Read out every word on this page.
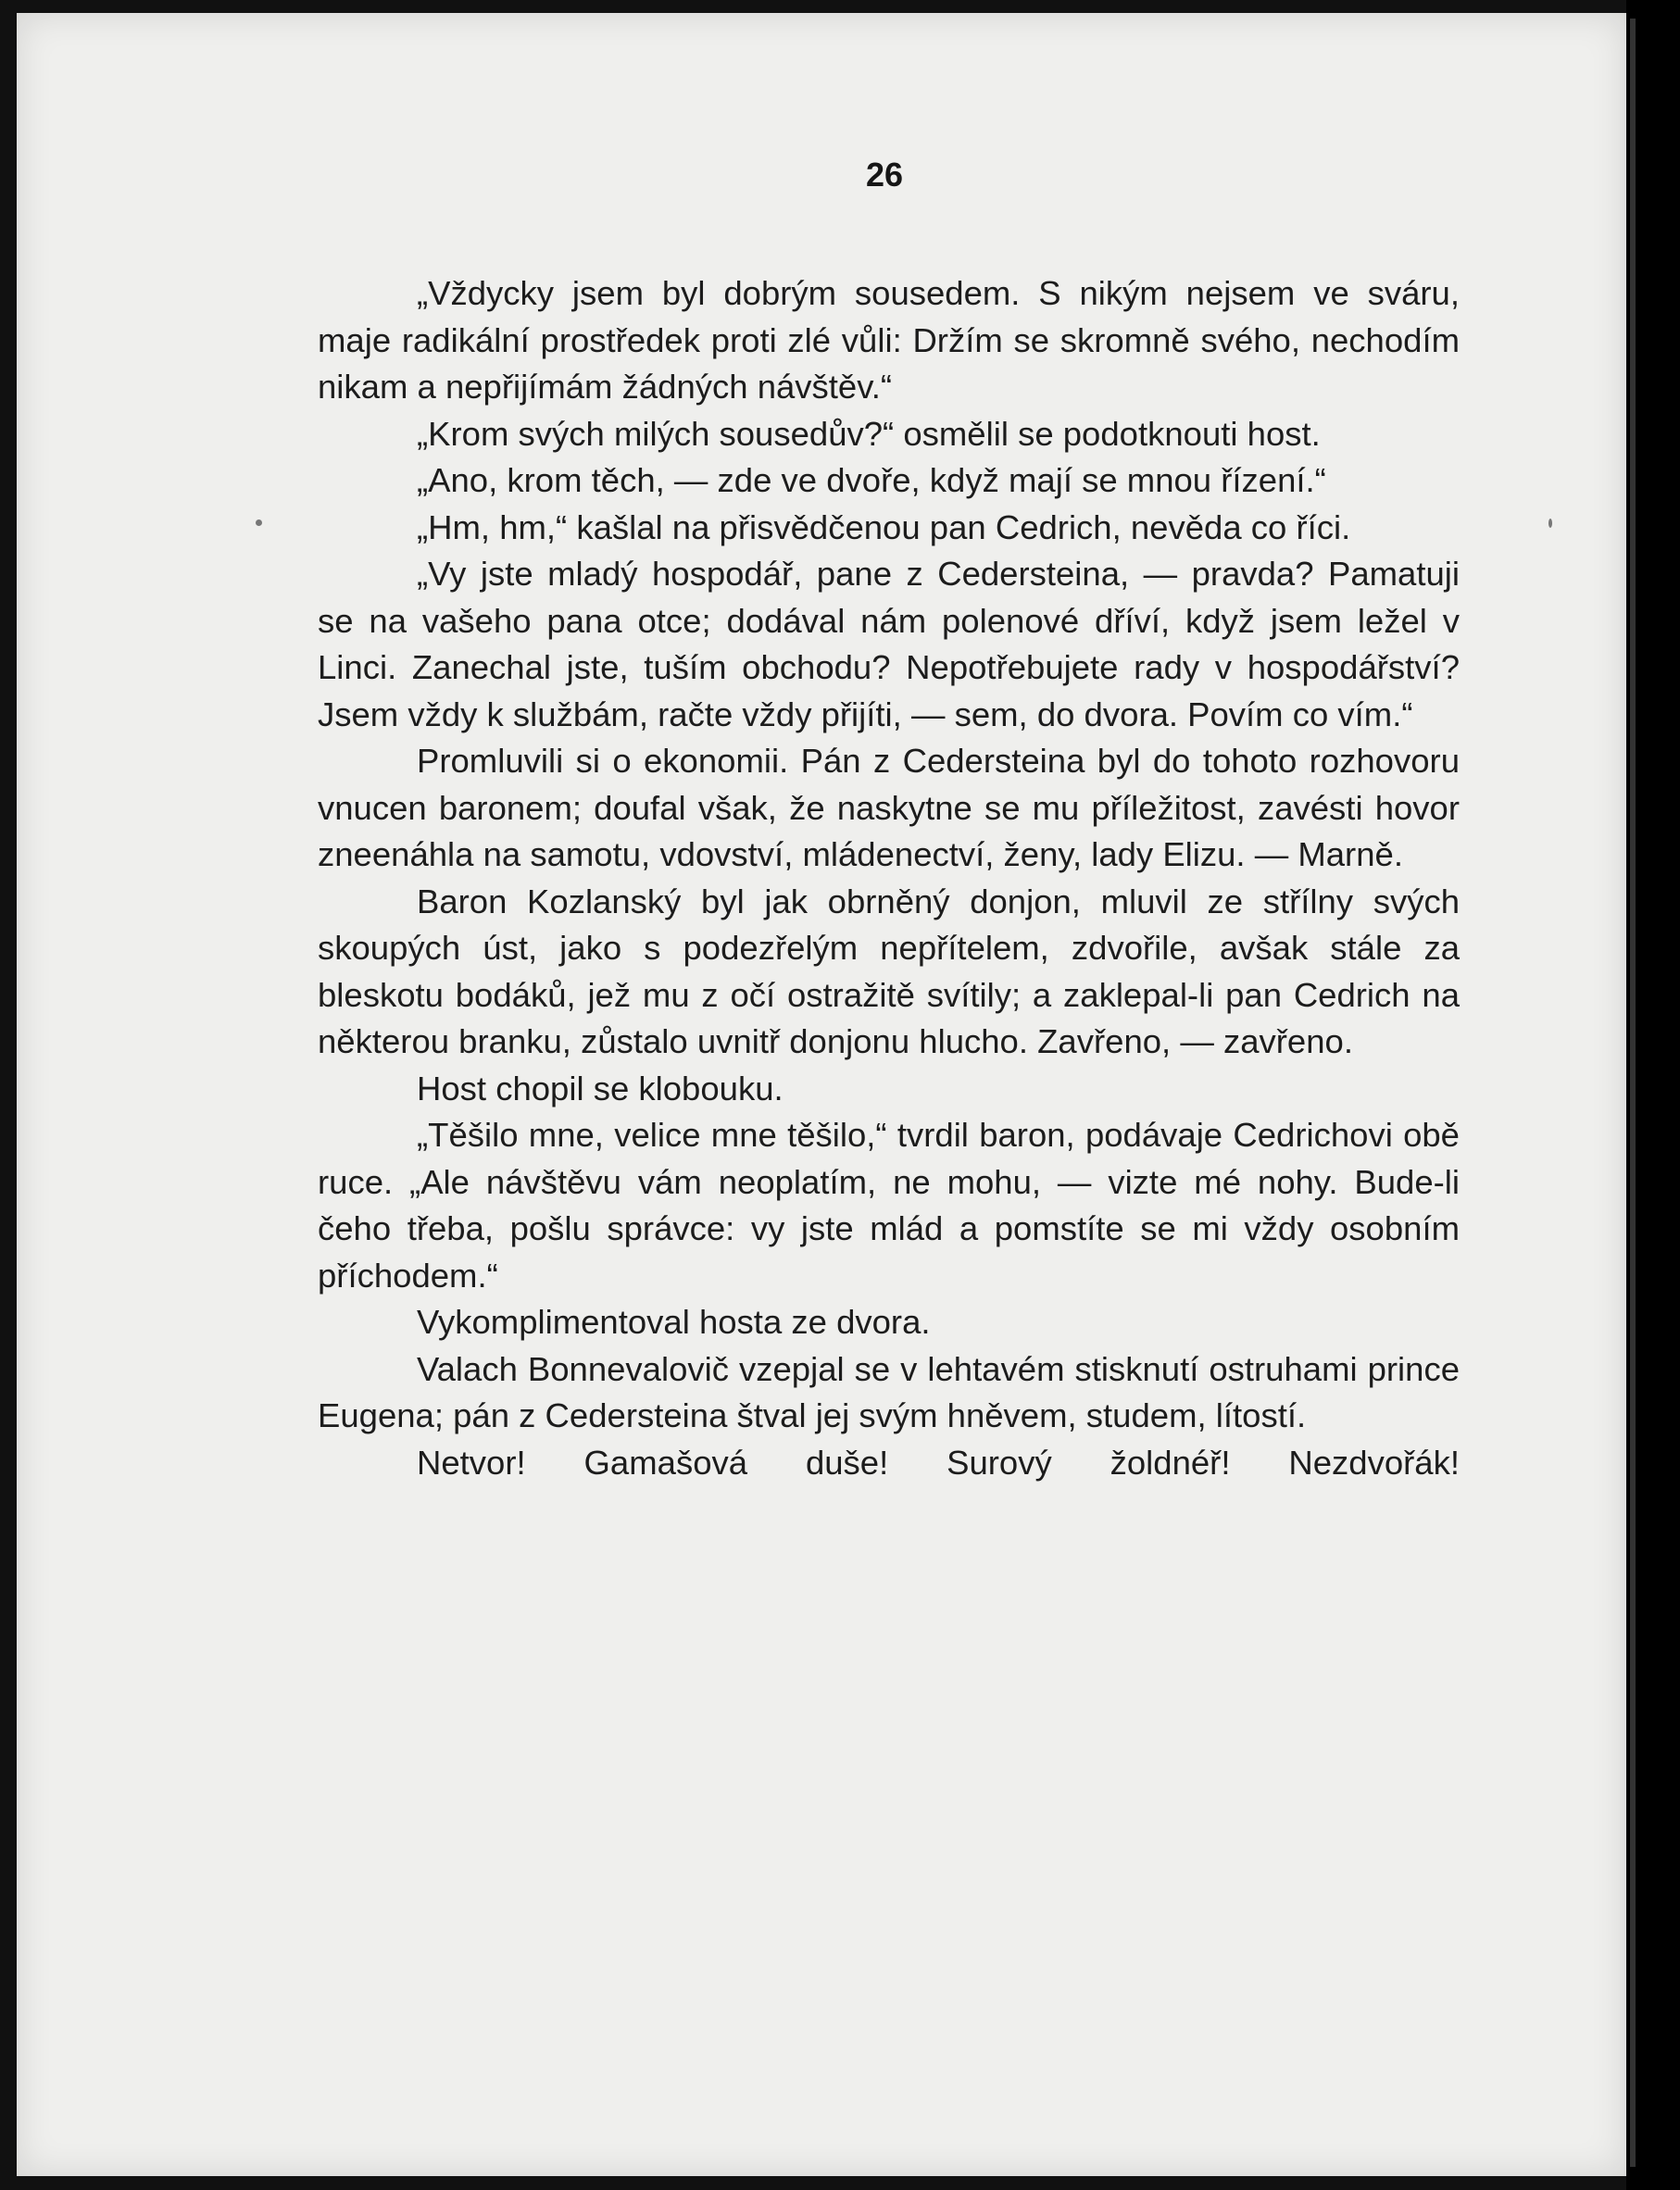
26

„Vždycky jsem byl dobrým sousedem. S nikým nejsem ve sváru, maje radikální prostředek proti zlé vůli: Držím se skromně svého, nechodím nikam a nepřijímám žádných návštěv.“

„Krom svých milých sousedův?“ osmělil se podotknouti host.

„Ano, krom těch, — zde ve dvoře, když mají se mnou řízení.“

„Hm, hm,“ kašlal na přisvědčenou pan Cedrich, nevěda co říci.

„Vy jste mladý hospodář, pane z Cedersteina, — pravda? Pamatuji se na vašeho pana otce; dodával nám polenové dříví, když jsem ležel v Linci. Zanechal jste, tuším obchodu? Nepotřebujete rady v hospodářství? Jsem vždy k službám, račte vždy přijíti, — sem, do dvora. Povím co vím.“

Promluvili si o ekonomii. Pán z Cedersteina byl do tohoto rozhovoru vnucen baronem; doufal však, že naskytne se mu příležitost, zavésti hovor zneenáhla na samotu, vdovství, mládenectví, ženy, lady Elizu. — Marně.

Baron Kozlanský byl jak obrněný donjon, mluvil ze střílny svých skoupých úst, jako s podezřelým nepřítelem, zdvořile, avšak stále za bleskotu bodáků, jež mu z očí ostražitě svítily; a zaklepal-li pan Cedrich na některou branku, zůstalo uvnitř donjonu hlucho. Zavřeno, — zavřeno.

Host chopil se klobouku.

„Těšilo mne, velice mne těšilo,“ tvrdil baron, podávaje Cedrichovi obě ruce. „Ale návštěvu vám neoplatím, ne mohu, — vizte mé nohy. Bude-li čeho třeba, pošlu správce: vy jste mlád a pomstíte se mi vždy osobním příchodem.“

Vykomplimentoval hosta ze dvora.

Valach Bonnevalovič vzepjal se v lehtavém stisknutí ostruhami prince Eugena; pán z Cedersteina štval jej svým hněvem, studem, lítostí.

Netvor! Gamašová duše! Surový žoldnéř! Nezdvořák!
